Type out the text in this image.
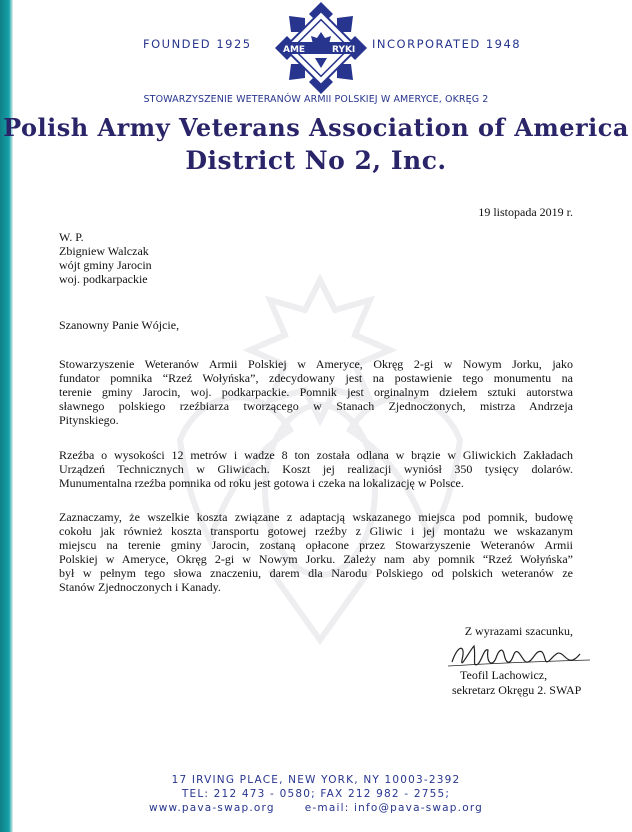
FOUNDED 1925	INCORPORATED 1948
AME	RYKI
STOWARZYSZENIE WETERANÓW ARMII POLSKIEJ W AMERYCE, OKRĘG 2
Polish Army Veterans Association of America
District No 2, Inc.
19 listopada 2019 r.
W. P.
Zbigniew Walczak
wójt gminy Jarocin
woj. podkarpackie
Szanowny Panie Wójcie,
Stowarzyszenie Weteranów Armii Polskiej w Ameryce, Okręg 2-gi w Nowym Jorku, jako
fundator pomnika “Rzeź Wołyńska”, zdecydowany jest na postawienie tego monumentu na
terenie gminy Jarocin, woj. podkarpackie. Pomnik jest orginalnym dziełem sztuki autorstwa
sławnego polskiego rzeźbiarza tworzącego w Stanach Zjednoczonych, mistrza Andrzeja
Pitynskiego.
Rzeźba o wysokości 12 metrów i wadze 8 ton została odlana w brązie w Gliwickich Zakładach
Urządzeń Technicznych w Gliwicach. Koszt jej realizacji wyniósł 350 tysięcy dolarów.
Munumentalna rzeźba pomnika od roku jest gotowa i czeka na lokalizację w Polsce.
Zaznaczamy, że wszelkie koszta związane z adaptacją wskazanego miejsca pod pomnik, budowę
cokołu jak również koszta transportu gotowej rzeźby z Gliwic i jej montażu we wskazanym
miejscu na terenie gminy Jarocin, zostaną opłacone przez Stowarzyszenie Weteranów Armii
Polskiej w Ameryce, Okręg 2-gi w Nowym Jorku. Zależy nam aby pomnik “Rzeź Wołyńska”
był w pełnym tego słowa znaczeniu, darem dla Narodu Polskiego od polskich weteranów ze
Stanów Zjednoczonych i Kanady.
Z wyrazami szacunku,
Teofil Lachowicz,
sekretarz Okręgu 2. SWAP
17 IRVING PLACE, NEW YORK, NY 10003-2392
TEL: 212 473 - 0580; FAX 212 982 - 2755;
www.pava-swap.org	e-mail: info@pava-swap.org
